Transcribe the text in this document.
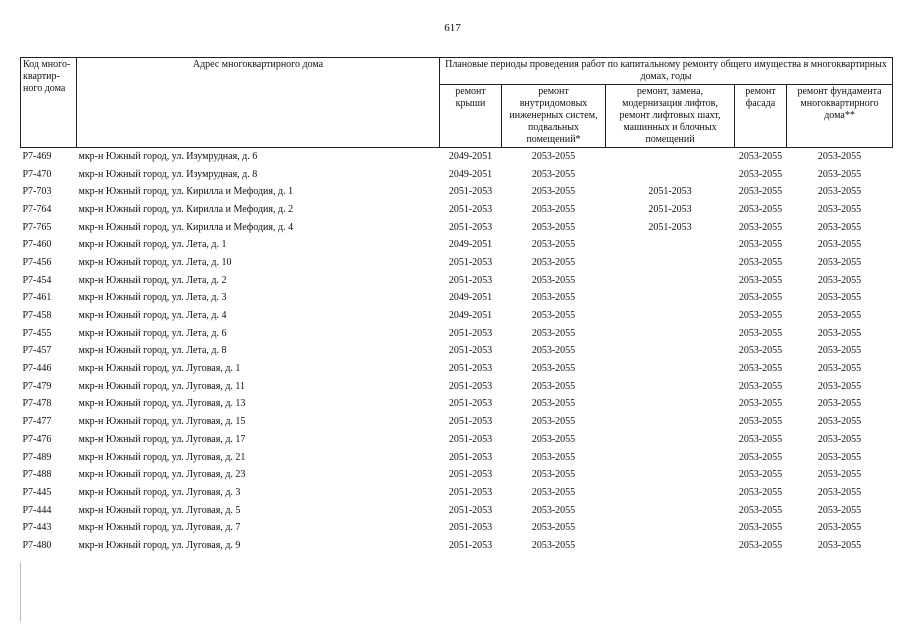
617
Код много-квартир-ного дома	Адрес многоквартирного дома	Плановые периоды проведения работ по капитальному ремонту общего имущества в многоквартирных домах, годы				
		ремонт крыши	ремонт внутридомовых инженерных систем, подвальных помещений*	ремонт, замена, модернизация лифтов, ремонт лифтовых шахт, машинных и блочных помещений	ремонт фасада	ремонт фундамента многоквартирного дома**
Р7-469	мкр-н Южный город, ул. Изумрудная, д. 6	2049-2051	2053-2055		2053-2055	2053-2055
Р7-470	мкр-н Южный город, ул. Изумрудная, д. 8	2049-2051	2053-2055		2053-2055	2053-2055
Р7-703	мкр-н Южный город, ул. Кирилла и Мефодия, д. 1	2051-2053	2053-2055	2051-2053	2053-2055	2053-2055
Р7-764	мкр-н Южный город, ул. Кирилла и Мефодия, д. 2	2051-2053	2053-2055	2051-2053	2053-2055	2053-2055
Р7-765	мкр-н Южный город, ул. Кирилла и Мефодия, д. 4	2051-2053	2053-2055	2051-2053	2053-2055	2053-2055
Р7-460	мкр-н Южный город, ул. Лета, д. 1	2049-2051	2053-2055		2053-2055	2053-2055
Р7-456	мкр-н Южный город, ул. Лета, д. 10	2051-2053	2053-2055		2053-2055	2053-2055
Р7-454	мкр-н Южный город, ул. Лета, д. 2	2051-2053	2053-2055		2053-2055	2053-2055
Р7-461	мкр-н Южный город, ул. Лета, д. 3	2049-2051	2053-2055		2053-2055	2053-2055
Р7-458	мкр-н Южный город, ул. Лета, д. 4	2049-2051	2053-2055		2053-2055	2053-2055
Р7-455	мкр-н Южный город, ул. Лета, д. 6	2051-2053	2053-2055		2053-2055	2053-2055
Р7-457	мкр-н Южный город, ул. Лета, д. 8	2051-2053	2053-2055		2053-2055	2053-2055
Р7-446	мкр-н Южный город, ул. Луговая, д. 1	2051-2053	2053-2055		2053-2055	2053-2055
Р7-479	мкр-н Южный город, ул. Луговая, д. 11	2051-2053	2053-2055		2053-2055	2053-2055
Р7-478	мкр-н Южный город, ул. Луговая, д. 13	2051-2053	2053-2055		2053-2055	2053-2055
Р7-477	мкр-н Южный город, ул. Луговая, д. 15	2051-2053	2053-2055		2053-2055	2053-2055
Р7-476	мкр-н Южный город, ул. Луговая, д. 17	2051-2053	2053-2055		2053-2055	2053-2055
Р7-489	мкр-н Южный город, ул. Луговая, д. 21	2051-2053	2053-2055		2053-2055	2053-2055
Р7-488	мкр-н Южный город, ул. Луговая, д. 23	2051-2053	2053-2055		2053-2055	2053-2055
Р7-445	мкр-н Южный город, ул. Луговая, д. 3	2051-2053	2053-2055		2053-2055	2053-2055
Р7-444	мкр-н Южный город, ул. Луговая, д. 5	2051-2053	2053-2055		2053-2055	2053-2055
Р7-443	мкр-н Южный город, ул. Луговая, д. 7	2051-2053	2053-2055		2053-2055	2053-2055
Р7-480	мкр-н Южный город, ул. Луговая, д. 9	2051-2053	2053-2055		2053-2055	2053-2055
